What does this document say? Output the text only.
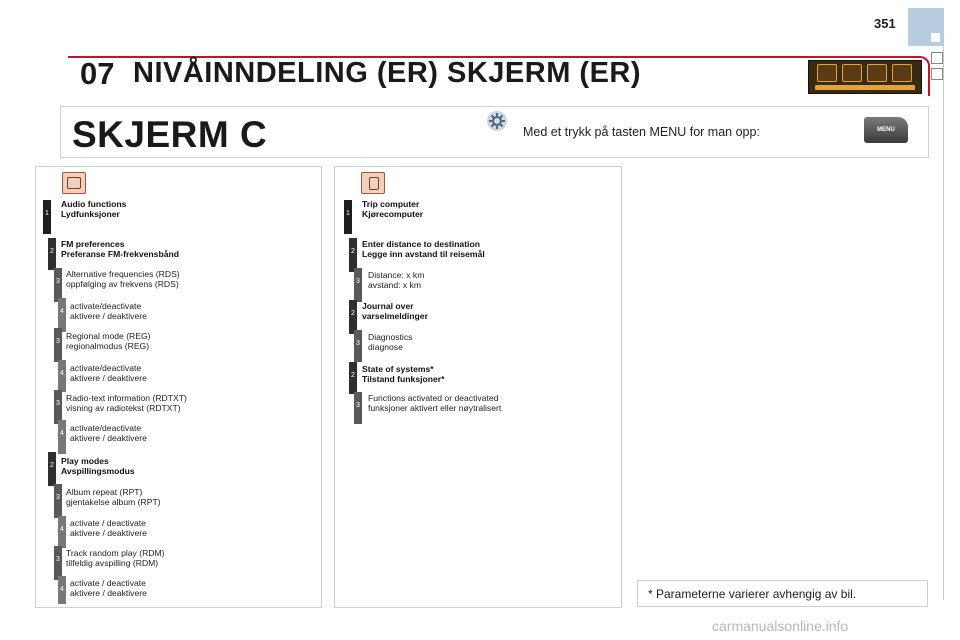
351
07 NIVÅINNDELING (ER) SKJERM (ER)
SKJERM C	Med et trykk på tasten MENU for man opp:	MENU
1
Audio functions
Lydfunksjoner
2
FM preferences
Preferanse FM-frekvensbånd
3
Alternative frequencies (RDS)
oppfølging av frekvens (RDS)
4
activate/deactivate
aktivere / deaktivere
3
Regional mode (REG)
regionalmodus (REG)
4
activate/deactivate
aktivere / deaktivere
3
Radio-text information (RDTXT)
visning av radiotekst (RDTXT)
4
activate/deactivate
aktivere / deaktivere
2 Play modes
Avspillingsmodus
3
Album repeat (RPT)
gjentakelse album (RPT)
4
activate / deactivate
aktivere / deaktivere
3
Track random play (RDM)
tilfeldig avspilling (RDM)
4
activate / deactivate
aktivere / deaktivere
1
Trip computer
Kjørecomputer
2
Enter distance to destination
Legge inn avstand til reisemål
3
Distance: x km
avstand: x km
2
Journal over
varselmeldinger
3
Diagnostics
diagnose
2
State of systems*
Tilstand funksjoner*
3
Functions activated or deactivated
funksjoner aktivert eller nøytralisert
* Parameterne varierer avhengig av bil.
carmanualsonline.info
